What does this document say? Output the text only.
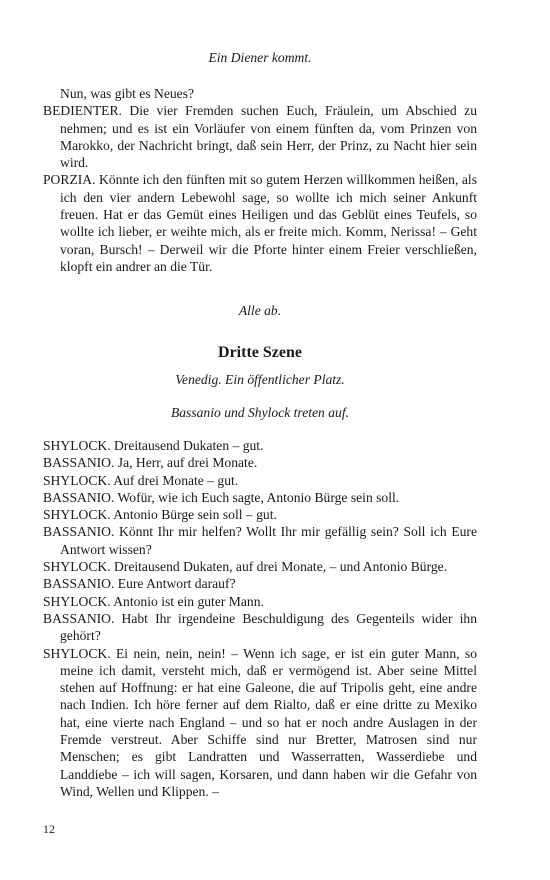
Ein Diener kommt.

Nun, was gibt es Neues?

BEDIENTER. Die vier Fremden suchen Euch, Fräulein, um Abschied zu nehmen; und es ist ein Vorläufer von einem fünften da, vom Prinzen von Marokko, der Nachricht bringt, daß sein Herr, der Prinz, zu Nacht hier sein wird.

PORZIA. Könnte ich den fünften mit so gutem Herzen willkommen heißen, als ich den vier andern Lebewohl sage, so wollte ich mich seiner Ankunft freuen. Hat er das Gemüt eines Heiligen und das Geblüt eines Teufels, so wollte ich lieber, er weihte mich, als er freite mich. Komm, Nerissa! – Geht voran, Bursch! – Derweil wir die Pforte hinter einem Freier verschließen, klopft ein andrer an die Tür.

Alle ab.

Dritte Szene

Venedig. Ein öffentlicher Platz.

Bassanio und Shylock treten auf.

SHYLOCK. Dreitausend Dukaten – gut.

BASSANIO. Ja, Herr, auf drei Monate.

SHYLOCK. Auf drei Monate – gut.

BASSANIO. Wofür, wie ich Euch sagte, Antonio Bürge sein soll.

SHYLOCK. Antonio Bürge sein soll – gut.

BASSANIO. Könnt Ihr mir helfen? Wollt Ihr mir gefällig sein? Soll ich Eure Antwort wissen?

SHYLOCK. Dreitausend Dukaten, auf drei Monate, – und Antonio Bürge.

BASSANIO. Eure Antwort darauf?

SHYLOCK. Antonio ist ein guter Mann.

BASSANIO. Habt Ihr irgendeine Beschuldigung des Gegenteils wider ihn gehört?

SHYLOCK. Ei nein, nein, nein! – Wenn ich sage, er ist ein guter Mann, so meine ich damit, versteht mich, daß er vermögend ist. Aber seine Mittel stehen auf Hoffnung: er hat eine Galeone, die auf Tripolis geht, eine andre nach Indien. Ich höre ferner auf dem Rialto, daß er eine dritte zu Mexiko hat, eine vierte nach England – und so hat er noch andre Auslagen in der Fremde verstreut. Aber Schiffe sind nur Bretter, Matrosen sind nur Menschen; es gibt Landratten und Wasserratten, Wasserdiebe und Landdiebe – ich will sagen, Korsaren, und dann haben wir die Gefahr von Wind, Wellen und Klippen. –

12
